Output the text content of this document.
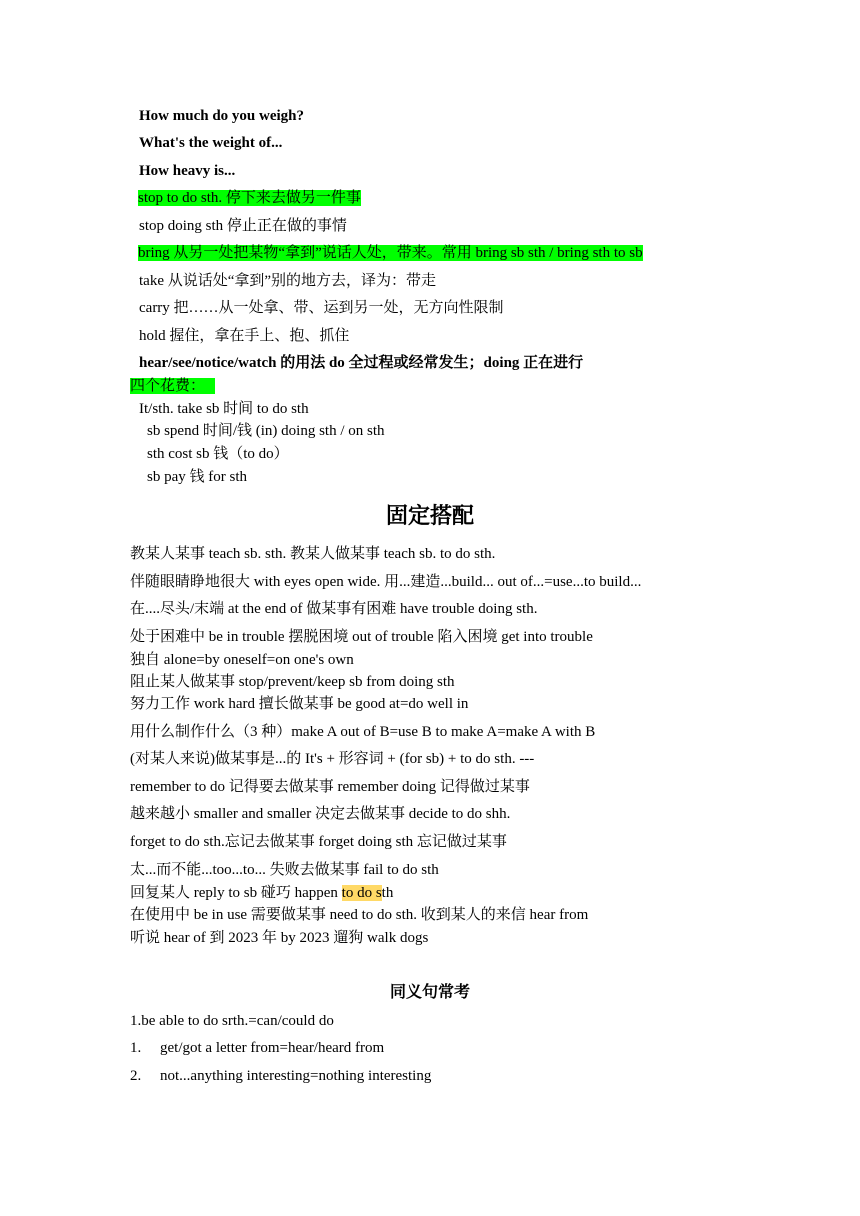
How much do you weigh?
What's the weight of...
How heavy is...
stop to do sth. 停下来去做另一件事
stop doing sth 停止正在做的事情
bring 从另一处把某物“拿到”说话人处，带来。常用 bring sb sth / bring sth to sb
take 从说话处“拿到”别的地方去，译为：带走
carry 把……从一处拿、带、运到另一处，无方向性限制
hold 握住，拿在手上、抱、抓住
hear/see/notice/watch 的用法 do 全过程或经常发生；doing 正在进行
四个花费：
It/sth. take sb 时间 to do sth
sb spend 时间/钱 (in) doing sth / on sth
sth cost sb 钱（to do）
sb pay 钱 for sth
固定搭配
教某人某事 teach sb. sth. 教某人做某事 teach sb. to do sth.
伴随眼睛睁地很大 with eyes open wide. 用...建造...build... out of...=use...to build...
在....尽头/末端 at the end of 做某事有困难 have trouble doing sth.
处于困难中 be in trouble 摆脱困境 out of trouble 陷入困境 get into trouble
独自 alone=by oneself=on one's own
阻止某人做某事 stop/prevent/keep sb from doing sth
努力工作 work hard 擅长做某事 be good at=do well in
用什么制作什么（3 种）make A out of B=use B to make A=make A with B
(对某人来说)做某事是...的 It's + 形容词 + (for sb) + to do sth. ---
remember to do 记得要去做某事 remember doing 记得做过某事
越来越小 smaller and smaller 决定去做某事 decide to do shh.
forget to do sth.忘记去做某事 forget doing sth 忘记做过某事
太...而不能...too...to... 失败去做某事 fail to do sth
回复某人 reply to sb 碰巧 happen to do sth
在使用中 be in use 需要做某事 need to do sth. 收到某人的来信 hear from
听说 hear of 到 2023 年 by 2023 遛狗 walk dogs
同义句常考
1.be able to do srth.=can/could do
1. get/got a letter from=hear/heard from
2. not...anything interesting=nothing interesting
